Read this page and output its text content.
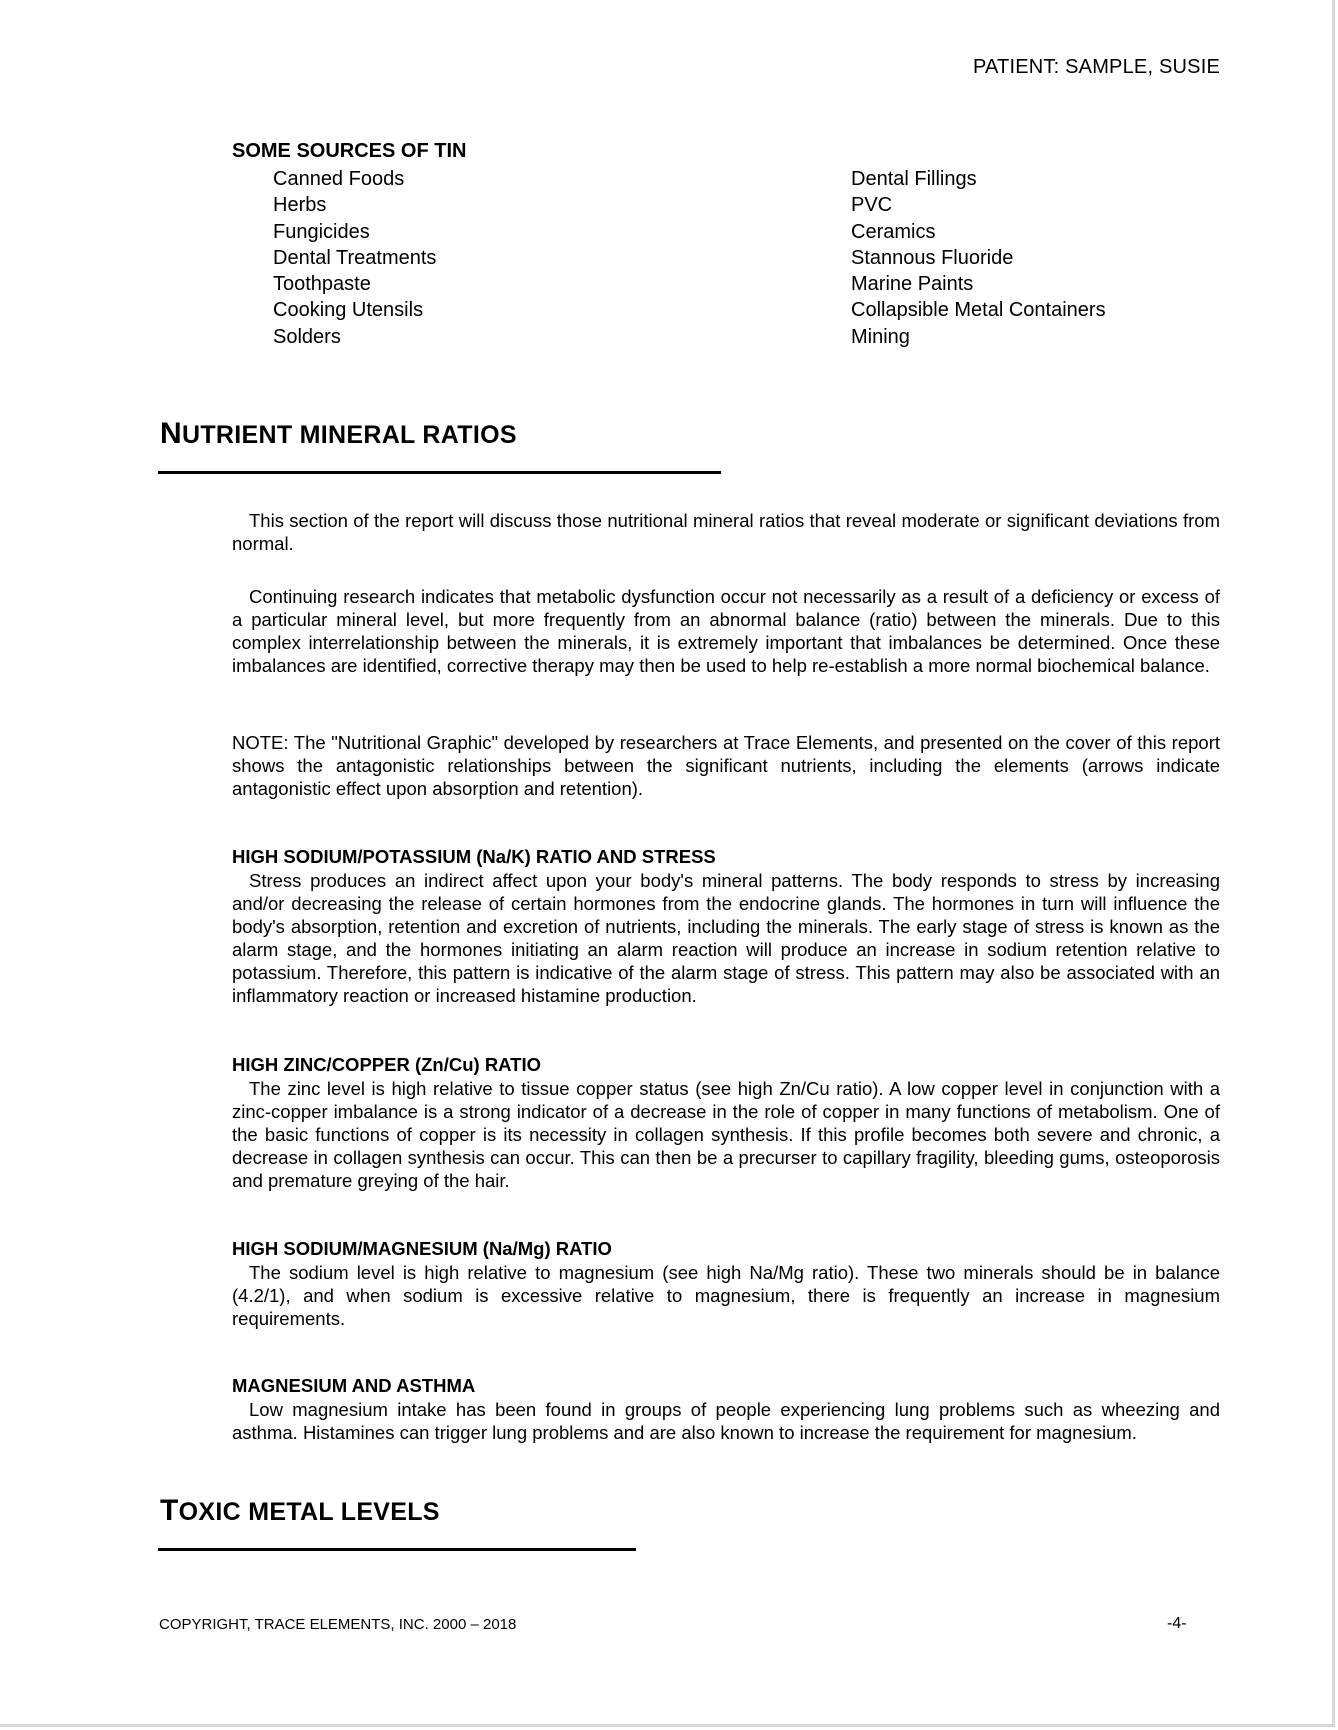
PATIENT: SAMPLE, SUSIE
SOME SOURCES OF TIN
Canned Foods
Herbs
Fungicides
Dental Treatments
Toothpaste
Cooking Utensils
Solders
Dental Fillings
PVC
Ceramics
Stannous Fluoride
Marine Paints
Collapsible Metal Containers
Mining
NUTRIENT MINERAL RATIOS

This section of the report will discuss those nutritional mineral ratios that reveal moderate or significant deviations from normal.

Continuing research indicates that metabolic dysfunction occur not necessarily as a result of a deficiency or excess of a particular mineral level, but more frequently from an abnormal balance (ratio) between the minerals. Due to this complex interrelationship between the minerals, it is extremely important that imbalances be determined. Once these imbalances are identified, corrective therapy may then be used to help re-establish a more normal biochemical balance.

NOTE: The "Nutritional Graphic" developed by researchers at Trace Elements, and presented on the cover of this report shows the antagonistic relationships between the significant nutrients, including the elements (arrows indicate antagonistic effect upon absorption and retention).

HIGH SODIUM/POTASSIUM (Na/K) RATIO AND STRESS

Stress produces an indirect affect upon your body's mineral patterns. The body responds to stress by increasing and/or decreasing the release of certain hormones from the endocrine glands. The hormones in turn will influence the body's absorption, retention and excretion of nutrients, including the minerals. The early stage of stress is known as the alarm stage, and the hormones initiating an alarm reaction will produce an increase in sodium retention relative to potassium. Therefore, this pattern is indicative of the alarm stage of stress. This pattern may also be associated with an inflammatory reaction or increased histamine production.

HIGH ZINC/COPPER (Zn/Cu) RATIO

The zinc level is high relative to tissue copper status (see high Zn/Cu ratio). A low copper level in conjunction with a zinc-copper imbalance is a strong indicator of a decrease in the role of copper in many functions of metabolism. One of the basic functions of copper is its necessity in collagen synthesis. If this profile becomes both severe and chronic, a decrease in collagen synthesis can occur. This can then be a precurser to capillary fragility, bleeding gums, osteoporosis and premature greying of the hair.

HIGH SODIUM/MAGNESIUM (Na/Mg) RATIO

The sodium level is high relative to magnesium (see high Na/Mg ratio). These two minerals should be in balance (4.2/1), and when sodium is excessive relative to magnesium, there is frequently an increase in magnesium requirements.

MAGNESIUM AND ASTHMA

Low magnesium intake has been found in groups of people experiencing lung problems such as wheezing and asthma. Histamines can trigger lung problems and are also known to increase the requirement for magnesium.

TOXIC METAL LEVELS
COPYRIGHT, TRACE ELEMENTS, INC. 2000 – 2018	-4-
